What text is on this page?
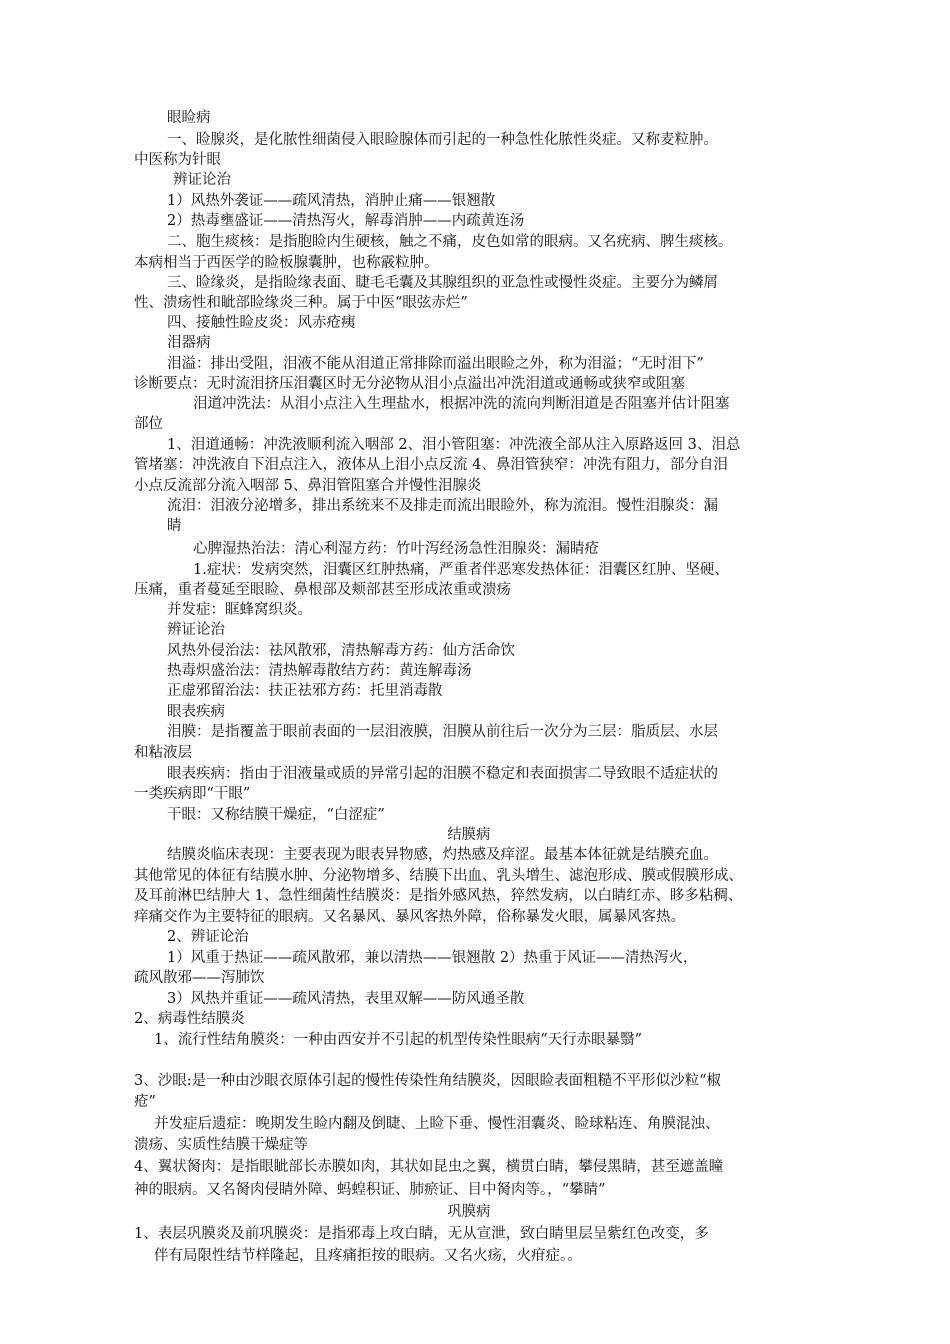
眼睑病
一、睑腺炎，是化脓性细菌侵入眼睑腺体而引起的一种急性化脓性炎症。又称麦粒肿。
中医称为针眼
辨证论治
1）风热外袭证——疏风清热，消肿止痛——银翘散
2）热毒壅盛证——清热泻火，解毒消肿——内疏黄连汤
二、胞生痰核：是指胞睑内生硬核，触之不痛，皮色如常的眼病。又名疣病、脾生痰核。
本病相当于西医学的睑板腺囊肿，也称霰粒肿。
三、睑缘炎，是指睑缘表面、睫毛毛囊及其腺组织的亚急性或慢性炎症。主要分为鳞屑
性、溃疡性和眦部睑缘炎三种。属于中医“眼弦赤烂”
四、接触性睑皮炎：风赤疮痍
泪器病
泪溢：排出受阻，泪液不能从泪道正常排除而溢出眼睑之外，称为泪溢；“无时泪下”
诊断要点：无时流泪挤压泪囊区时无分泌物从泪小点溢出冲洗泪道或通畅或狭窄或阻塞
泪道冲洗法：从泪小点注入生理盐水，根据冲洗的流向判断泪道是否阻塞并估计阻塞
部位
1、泪道通畅：冲洗液顺利流入咽部 2、泪小管阻塞：冲洗液全部从注入原路返回 3、泪总
管堵塞：冲洗液自下泪点注入，液体从上泪小点反流 4、鼻泪管狭窄：冲洗有阻力，部分自泪
小点反流部分流入咽部 5、鼻泪管阻塞合并慢性泪腺炎
流泪：泪液分泌增多，排出系统来不及排走而流出眼睑外，称为流泪。慢性泪腺炎：漏
睛
心脾湿热治法：清心利湿方药：竹叶泻经汤急性泪腺炎：漏睛疮
1.症状：发病突然，泪囊区红肿热痛，严重者伴恶寒发热体征：泪囊区红肿、坚硬、
压痛，重者蔓延至眼睑、鼻根部及颊部甚至形成浓重或溃疡
并发症：眶蜂窝织炎。
辨证论治
风热外侵治法：祛风散邪，清热解毒方药：仙方活命饮
热毒炽盛治法：清热解毒散结方药：黄连解毒汤
正虚邪留治法：扶正祛邪方药：托里消毒散
眼表疾病
泪膜：是指覆盖于眼前表面的一层泪液膜，泪膜从前往后一次分为三层：脂质层、水层
和粘液层
眼表疾病：指由于泪液量或质的异常引起的泪膜不稳定和表面损害二导致眼不适症状的
一类疾病即“干眼”
干眼：又称结膜干燥症，“白涩症”
结膜病
结膜炎临床表现：主要表现为眼表异物感，灼热感及痒涩。最基本体征就是结膜充血。
其他常见的体征有结膜水肿、分泌物增多、结膜下出血、乳头增生、滤泡形成、膜或假膜形成、
及耳前淋巴结肿大 1、急性细菌性结膜炎：是指外感风热，猝然发病，以白睛红赤、眵多粘稠、
痒痛交作为主要特征的眼病。又名暴风、暴风客热外障，俗称暴发火眼，属暴风客热。
2、辨证论治
1）风重于热证——疏风散邪，兼以清热——银翘散 2）热重于风证——清热泻火，
疏风散邪——泻肺饮
3）风热并重证——疏风清热，表里双解——防风通圣散
2、病毒性结膜炎
1、流行性结角膜炎：一种由西安并不引起的机型传染性眼病“天行赤眼暴翳”
3、沙眼:是一种由沙眼衣原体引起的慢性传染性角结膜炎，因眼睑表面粗糙不平形似沙粒“椒
疮”
并发症后遗症：晚期发生睑内翻及倒睫、上睑下垂、慢性泪囊炎、睑球粘连、角膜混浊、
溃疡、实质性结膜干燥症等
4、翼状胬肉：是指眼眦部长赤膜如肉，其状如昆虫之翼，横贯白睛，攀侵黑睛，甚至遮盖瞳
神的眼病。又名胬肉侵睛外障、蚂蝗积证、肺瘀证、目中胬肉等。，“攀睛”
巩膜病
1、表层巩膜炎及前巩膜炎：是指邪毒上攻白睛，无从宣泄，致白睛里层呈紫红色改变，多
伴有局限性结节样隆起，且疼痛拒按的眼病。又名火疡，火疳症。。
